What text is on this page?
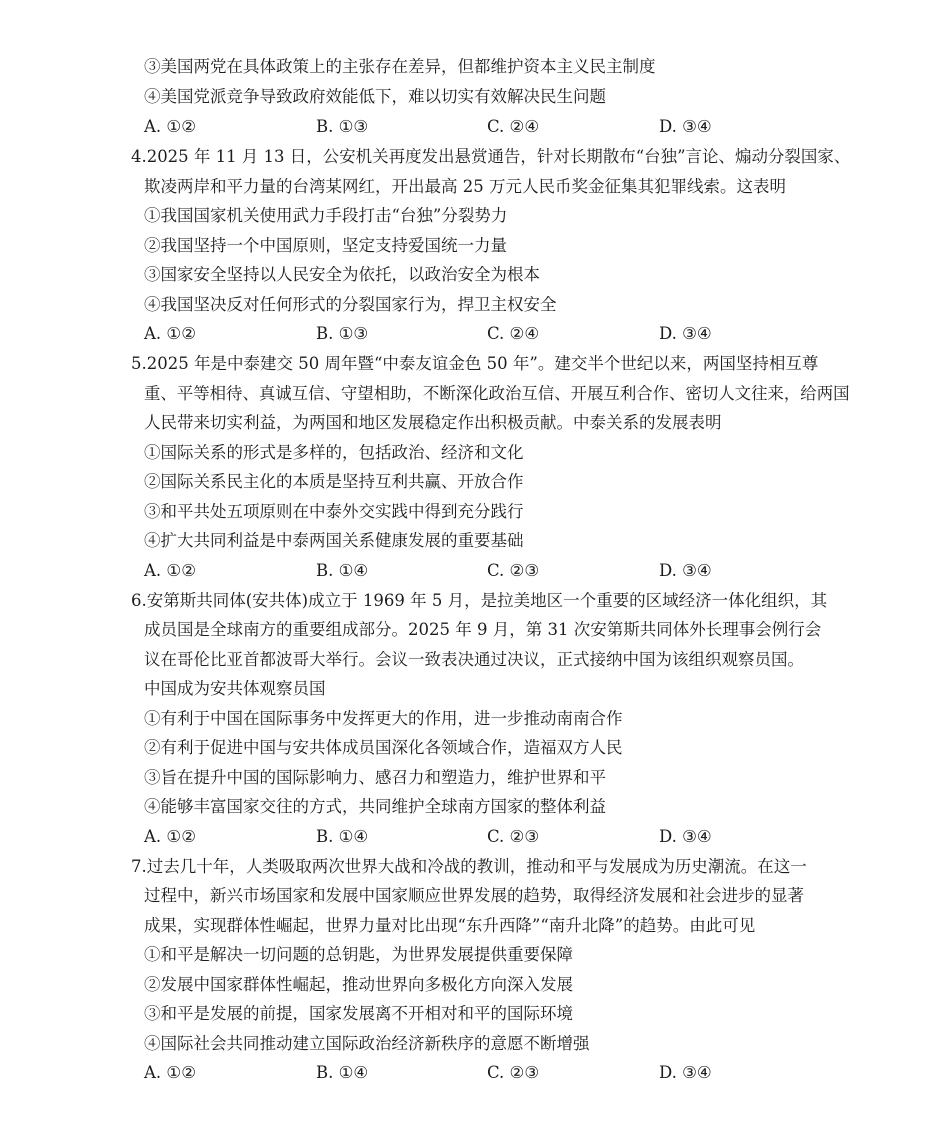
③美国两党在具体政策上的主张存在差异，但都维护资本主义民主制度
④美国党派竞争导致政府效能低下，难以切实有效解决民生问题
A. ①②	B. ①③	C. ②④	D. ③④
4.2025 年 11 月 13 日，公安机关再度发出悬赏通告，针对长期散布“台独”言论、煽动分裂国家、
欺凌两岸和平力量的台湾某网红，开出最高 25 万元人民币奖金征集其犯罪线索。这表明
①我国国家机关使用武力手段打击“台独”分裂势力
②我国坚持一个中国原则，坚定支持爱国统一力量
③国家安全坚持以人民安全为依托，以政治安全为根本
④我国坚决反对任何形式的分裂国家行为，捍卫主权安全
A. ①②	B. ①③	C. ②④	D. ③④
5.2025 年是中泰建交 50 周年暨“中泰友谊金色 50 年”。建交半个世纪以来，两国坚持相互尊
重、平等相待、真诚互信、守望相助，不断深化政治互信、开展互利合作、密切人文往来，给两国
人民带来切实利益，为两国和地区发展稳定作出积极贡献。中泰关系的发展表明
①国际关系的形式是多样的，包括政治、经济和文化
②国际关系民主化的本质是坚持互利共赢、开放合作
③和平共处五项原则在中泰外交实践中得到充分践行
④扩大共同利益是中泰两国关系健康发展的重要基础
A. ①②	B. ①④	C. ②③	D. ③④
6.安第斯共同体(安共体)成立于 1969 年 5 月，是拉美地区一个重要的区域经济一体化组织，其
成员国是全球南方的重要组成部分。2025 年 9 月，第 31 次安第斯共同体外长理事会例行会
议在哥伦比亚首都波哥大举行。会议一致表决通过决议，正式接纳中国为该组织观察员国。
中国成为安共体观察员国
①有利于中国在国际事务中发挥更大的作用，进一步推动南南合作
②有利于促进中国与安共体成员国深化各领域合作，造福双方人民
③旨在提升中国的国际影响力、感召力和塑造力，维护世界和平
④能够丰富国家交往的方式，共同维护全球南方国家的整体利益
A. ①②	B. ①④	C. ②③	D. ③④
7.过去几十年，人类吸取两次世界大战和冷战的教训，推动和平与发展成为历史潮流。在这一
过程中，新兴市场国家和发展中国家顺应世界发展的趋势，取得经济发展和社会进步的显著
成果，实现群体性崛起，世界力量对比出现“东升西降”“南升北降”的趋势。由此可见
①和平是解决一切问题的总钥匙，为世界发展提供重要保障
②发展中国家群体性崛起，推动世界向多极化方向深入发展
③和平是发展的前提，国家发展离不开相对和平的国际环境
④国际社会共同推动建立国际政治经济新秩序的意愿不断增强
A. ①②	B. ①④	C. ②③	D. ③④
